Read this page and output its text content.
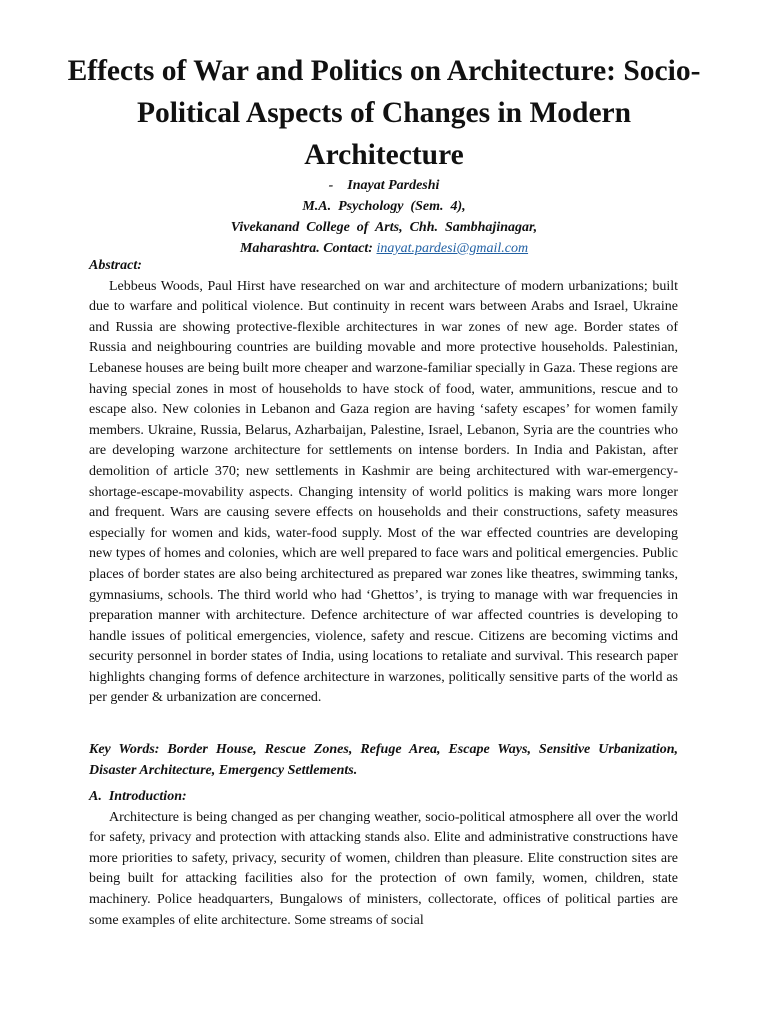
Effects of War and Politics on Architecture: Socio-Political Aspects of Changes in Modern Architecture
-    Inayat Pardeshi
M.A.  Psychology  (Sem.  4),
Vivekanand  College  of  Arts,  Chh.  Sambhajinagar,
Maharashtra. Contact: inayat.pardesi@gmail.com

Abstract:

Lebbeus Woods, Paul Hirst have researched on war and architecture of modern urbanizations; built due to warfare and political violence. But continuity in recent wars between Arabs and Israel, Ukraine and Russia are showing protective-flexible architectures in war zones of new age. Border states of Russia and neighbouring countries are building movable and more protective households. Palestinian, Lebanese houses are being built more cheaper and warzone-familiar specially in Gaza. These regions are having special zones in most of households to have stock of food, water, ammunitions, rescue and to escape also. New colonies in Lebanon and Gaza region are having ‘safety escapes’ for women family members. Ukraine, Russia, Belarus, Azharbaijan, Palestine, Israel, Lebanon, Syria are the countries who are developing warzone architecture for settlements on intense borders. In India and Pakistan, after demolition of article 370; new settlements in Kashmir are being architectured with war-emergency-shortage-escape-movability aspects. Changing intensity of world politics is making wars more longer and frequent. Wars are causing severe effects on households and their constructions, safety measures especially for women and kids, water-food supply. Most of the war effected countries are developing new types of homes and colonies, which are well prepared to face wars and political emergencies. Public places of border states are also being architectured as prepared war zones like theatres, swimming tanks, gymnasiums, schools. The third world who had ‘Ghettos’, is trying to manage with war frequencies in preparation manner with architecture. Defence architecture of war affected countries is developing to handle issues of political emergencies, violence, safety and rescue. Citizens are becoming victims and security personnel in border states of India, using locations to retaliate and survival. This research paper highlights changing forms of defence architecture in warzones, politically sensitive parts of the world as per gender & urbanization are concerned.

Key Words: Border House, Rescue Zones, Refuge Area, Escape Ways, Sensitive Urbanization, Disaster Architecture, Emergency Settlements.

A.  Introduction:

Architecture is being changed as per changing weather, socio-political atmosphere all over the world for safety, privacy and protection with attacking stands also. Elite and administrative constructions have more priorities to safety, privacy, security of women, children than pleasure. Elite construction sites are being built for attacking facilities also for the protection of own family, women, children, state machinery. Police headquarters, Bungalows of ministers, collectorate, offices of political parties are some examples of elite architecture. Some streams of social
